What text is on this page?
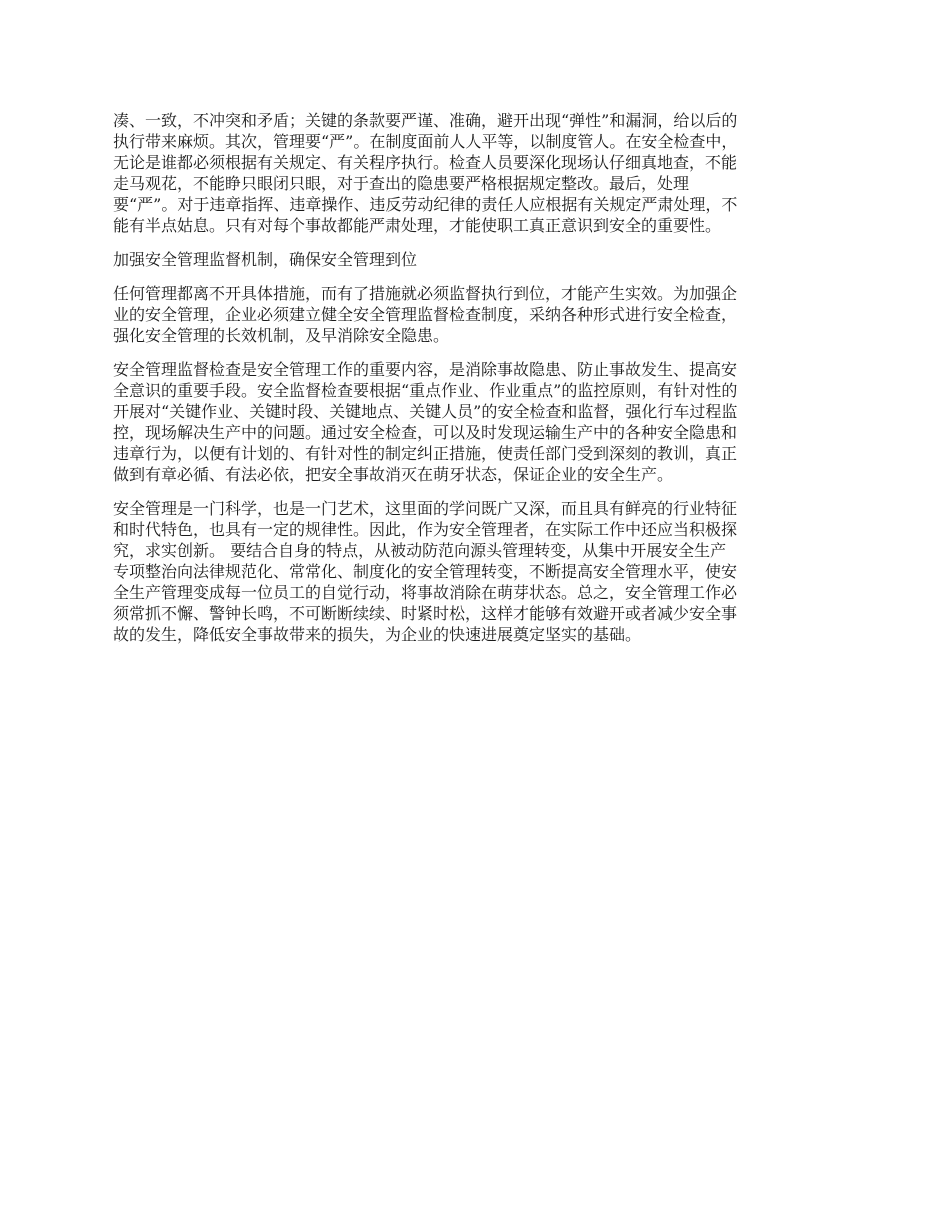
凑、一致，不冲突和矛盾；关键的条款要严谨、准确，避开出现“弹性”和漏洞，给以后的
执行带来麻烦。其次，管理要“严”。在制度面前人人平等，以制度管人。在安全检查中，
无论是谁都必须根据有关规定、有关程序执行。检查人员要深化现场认仔细真地查，不能
走马观花，不能睁只眼闭只眼，对于查出的隐患要严格根据规定整改。最后，处理
要“严”。对于违章指挥、违章操作、违反劳动纪律的责任人应根据有关规定严肃处理，不
能有半点姑息。只有对每个事故都能严肃处理，才能使职工真正意识到安全的重要性。

加强安全管理监督机制，确保安全管理到位

任何管理都离不开具体措施，而有了措施就必须监督执行到位，才能产生实效。为加强企
业的安全管理，企业必须建立健全安全管理监督检查制度，采纳各种形式进行安全检查，
强化安全管理的长效机制，及早消除安全隐患。

安全管理监督检查是安全管理工作的重要内容，是消除事故隐患、防止事故发生、提高安
全意识的重要手段。安全监督检查要根据“重点作业、作业重点”的监控原则，有针对性的
开展对“关键作业、关键时段、关键地点、关键人员”的安全检查和监督，强化行车过程监
控，现场解决生产中的问题。通过安全检查，可以及时发现运输生产中的各种安全隐患和
违章行为，以便有计划的、有针对性的制定纠正措施，使责任部门受到深刻的教训，真正
做到有章必循、有法必依，把安全事故消灭在萌牙状态，保证企业的安全生产。

安全管理是一门科学，也是一门艺术，这里面的学问既广又深，而且具有鲜亮的行业特征
和时代特色，也具有一定的规律性。因此，作为安全管理者，在实际工作中还应当积极探
究，求实创新。 要结合自身的特点，从被动防范向源头管理转变，从集中开展安全生产
专项整治向法律规范化、常常化、制度化的安全管理转变，不断提高安全管理水平，使安
全生产管理变成每一位员工的自觉行动，将事故消除在萌芽状态。总之，安全管理工作必
须常抓不懈、警钟长鸣，不可断断续续、时紧时松，这样才能够有效避开或者减少安全事
故的发生，降低安全事故带来的损失，为企业的快速进展奠定坚实的基础。
